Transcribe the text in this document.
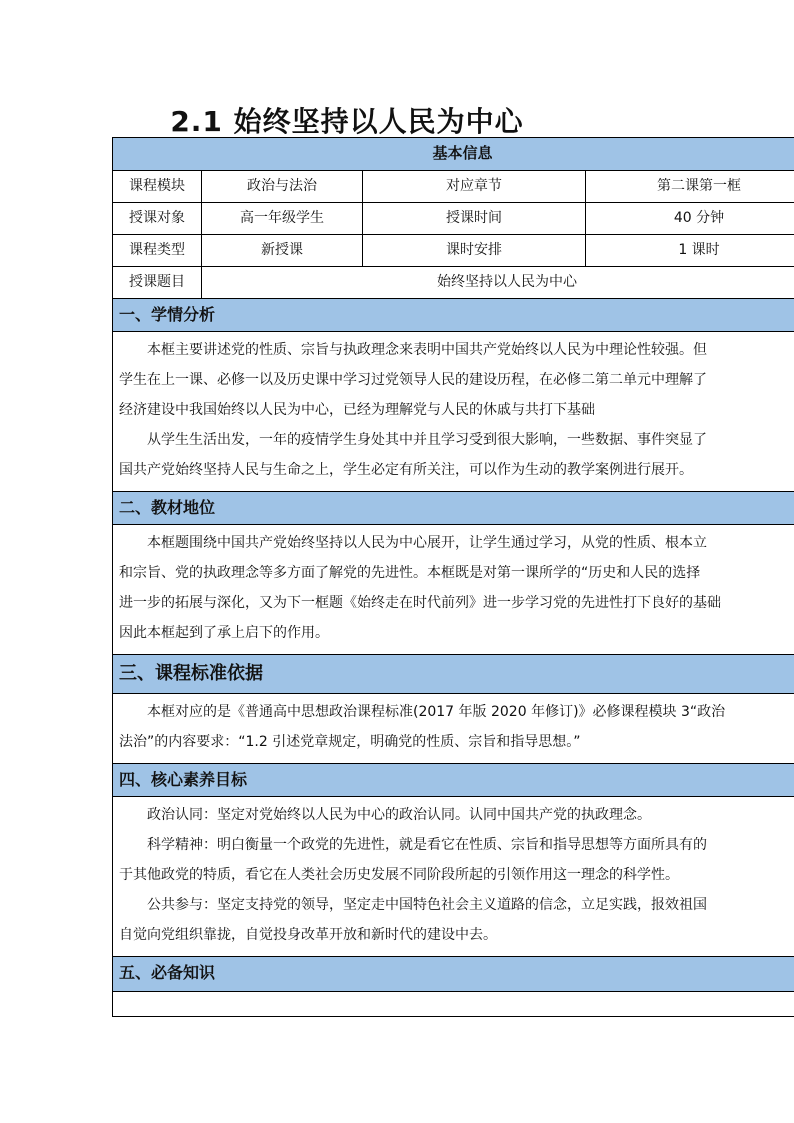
2.1 始终坚持以人民为中心
基本信息
课程模块	政治与法治	对应章节	第二课第一框
授课对象	高一年级学生	授课时间	40 分钟
课程类型	新授课	课时安排	1 课时
授课题目	始终坚持以人民为中心
一、学情分析

本框主要讲述党的性质、宗旨与执政理念来表明中国共产党始终以人民为中理论性较强。但

学生在上一课、必修一以及历史课中学习过党领导人民的建设历程，在必修二第二单元中理解了

经济建设中我国始终以人民为中心，已经为理解党与人民的休戚与共打下基础

从学生生活出发，一年的疫情学生身处其中并且学习受到很大影响，一些数据、事件突显了

国共产党始终坚持人民与生命之上，学生必定有所关注，可以作为生动的教学案例进行展开。

二、教材地位

本框题围绕中国共产党始终坚持以人民为中心展开，让学生通过学习，从党的性质、根本立

和宗旨、党的执政理念等多方面了解党的先进性。本框既是对第一课所学的“历史和人民的选择

进一步的拓展与深化，又为下一框题《始终走在时代前列》进一步学习党的先进性打下良好的基础

因此本框起到了承上启下的作用。

三、课程标准依据

本框对应的是《普通高中思想政治课程标准(2017 年版 2020 年修订)》必修课程模块 3“政治

法治”的内容要求：“1.2 引述党章规定，明确党的性质、宗旨和指导思想。”

四、核心素养目标

政治认同：坚定对党始终以人民为中心的政治认同。认同中国共产党的执政理念。

科学精神：明白衡量一个政党的先进性，就是看它在性质、宗旨和指导思想等方面所具有的

于其他政党的特质，看它在人类社会历史发展不同阶段所起的引领作用这一理念的科学性。

公共参与：坚定支持党的领导，坚定走中国特色社会主义道路的信念，立足实践，报效祖国

自觉向党组织靠拢，自觉投身改革开放和新时代的建设中去。

五、必备知识
